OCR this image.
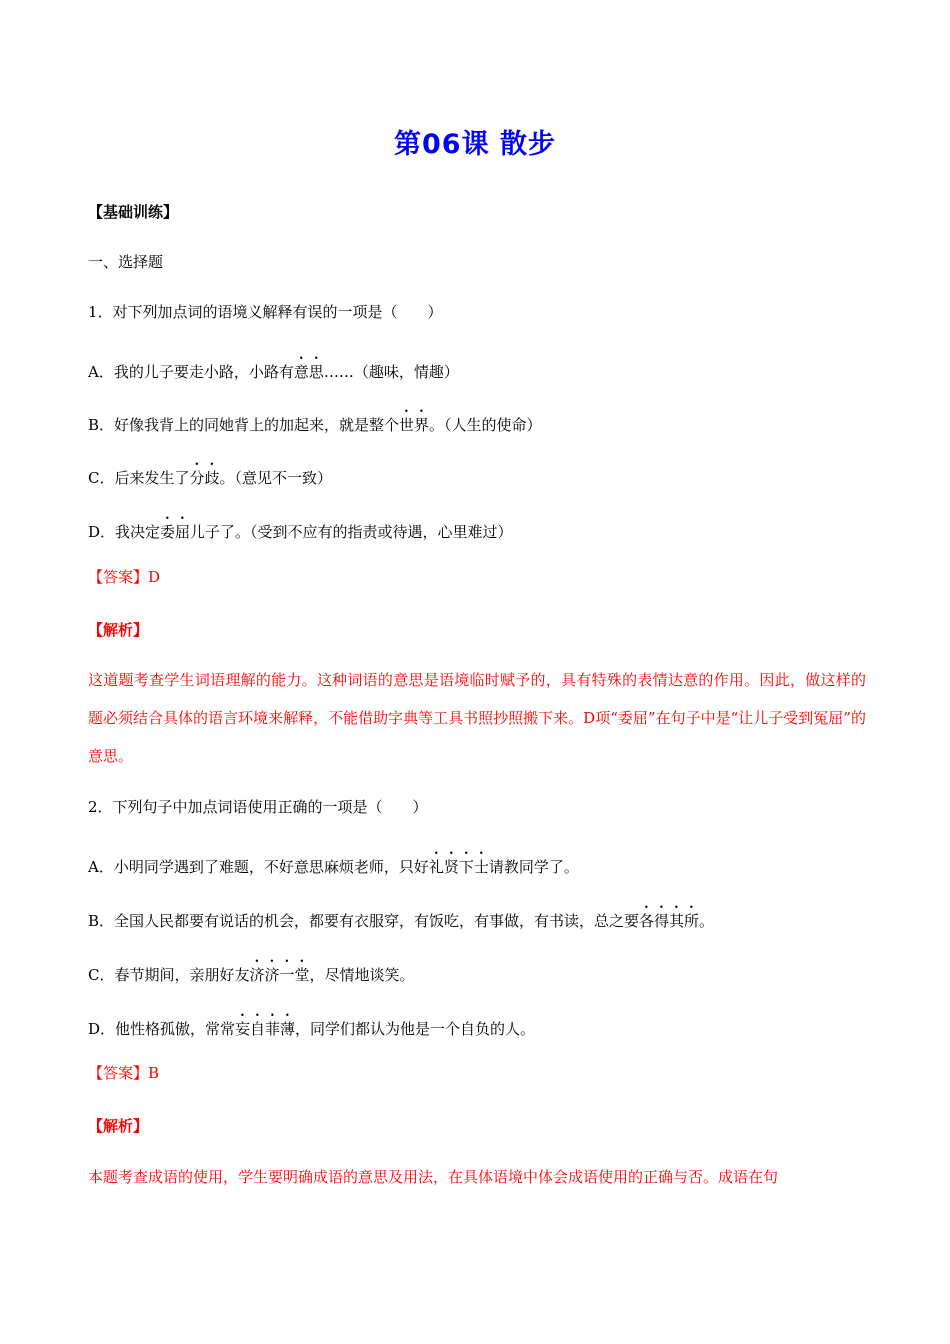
第06课 散步
【基础训练】
一、选择题
1．对下列加点词的语境义解释有误的一项是（　　）
A．我的儿子要走小路，小路有意思……（趣味，情趣）
B．好像我背上的同她背上的加起来，就是整个世界。（人生的使命）
C．后来发生了分歧。（意见不一致）
D．我决定委屈儿子了。（受到不应有的指责或待遇，心里难过）
【答案】D
【解析】
这道题考查学生词语理解的能力。这种词语的意思是语境临时赋予的，具有特殊的表情达意的作用。因此，做这样的题必须结合具体的语言环境来解释，不能借助字典等工具书照抄照搬下来。D项“委屈”在句子中是“让儿子受到冤屈”的意思。
2．下列句子中加点词语使用正确的一项是（　　）
A．小明同学遇到了难题，不好意思麻烦老师，只好礼贤下士请教同学了。
B．全国人民都要有说话的机会，都要有衣服穿，有饭吃，有事做，有书读，总之要各得其所。
C．春节期间，亲朋好友济济一堂，尽情地谈笑。
D．他性格孤傲，常常妄自菲薄，同学们都认为他是一个自负的人。
【答案】B
【解析】
本题考查成语的使用，学生要明确成语的意思及用法，在具体语境中体会成语使用的正确与否。成语在句
